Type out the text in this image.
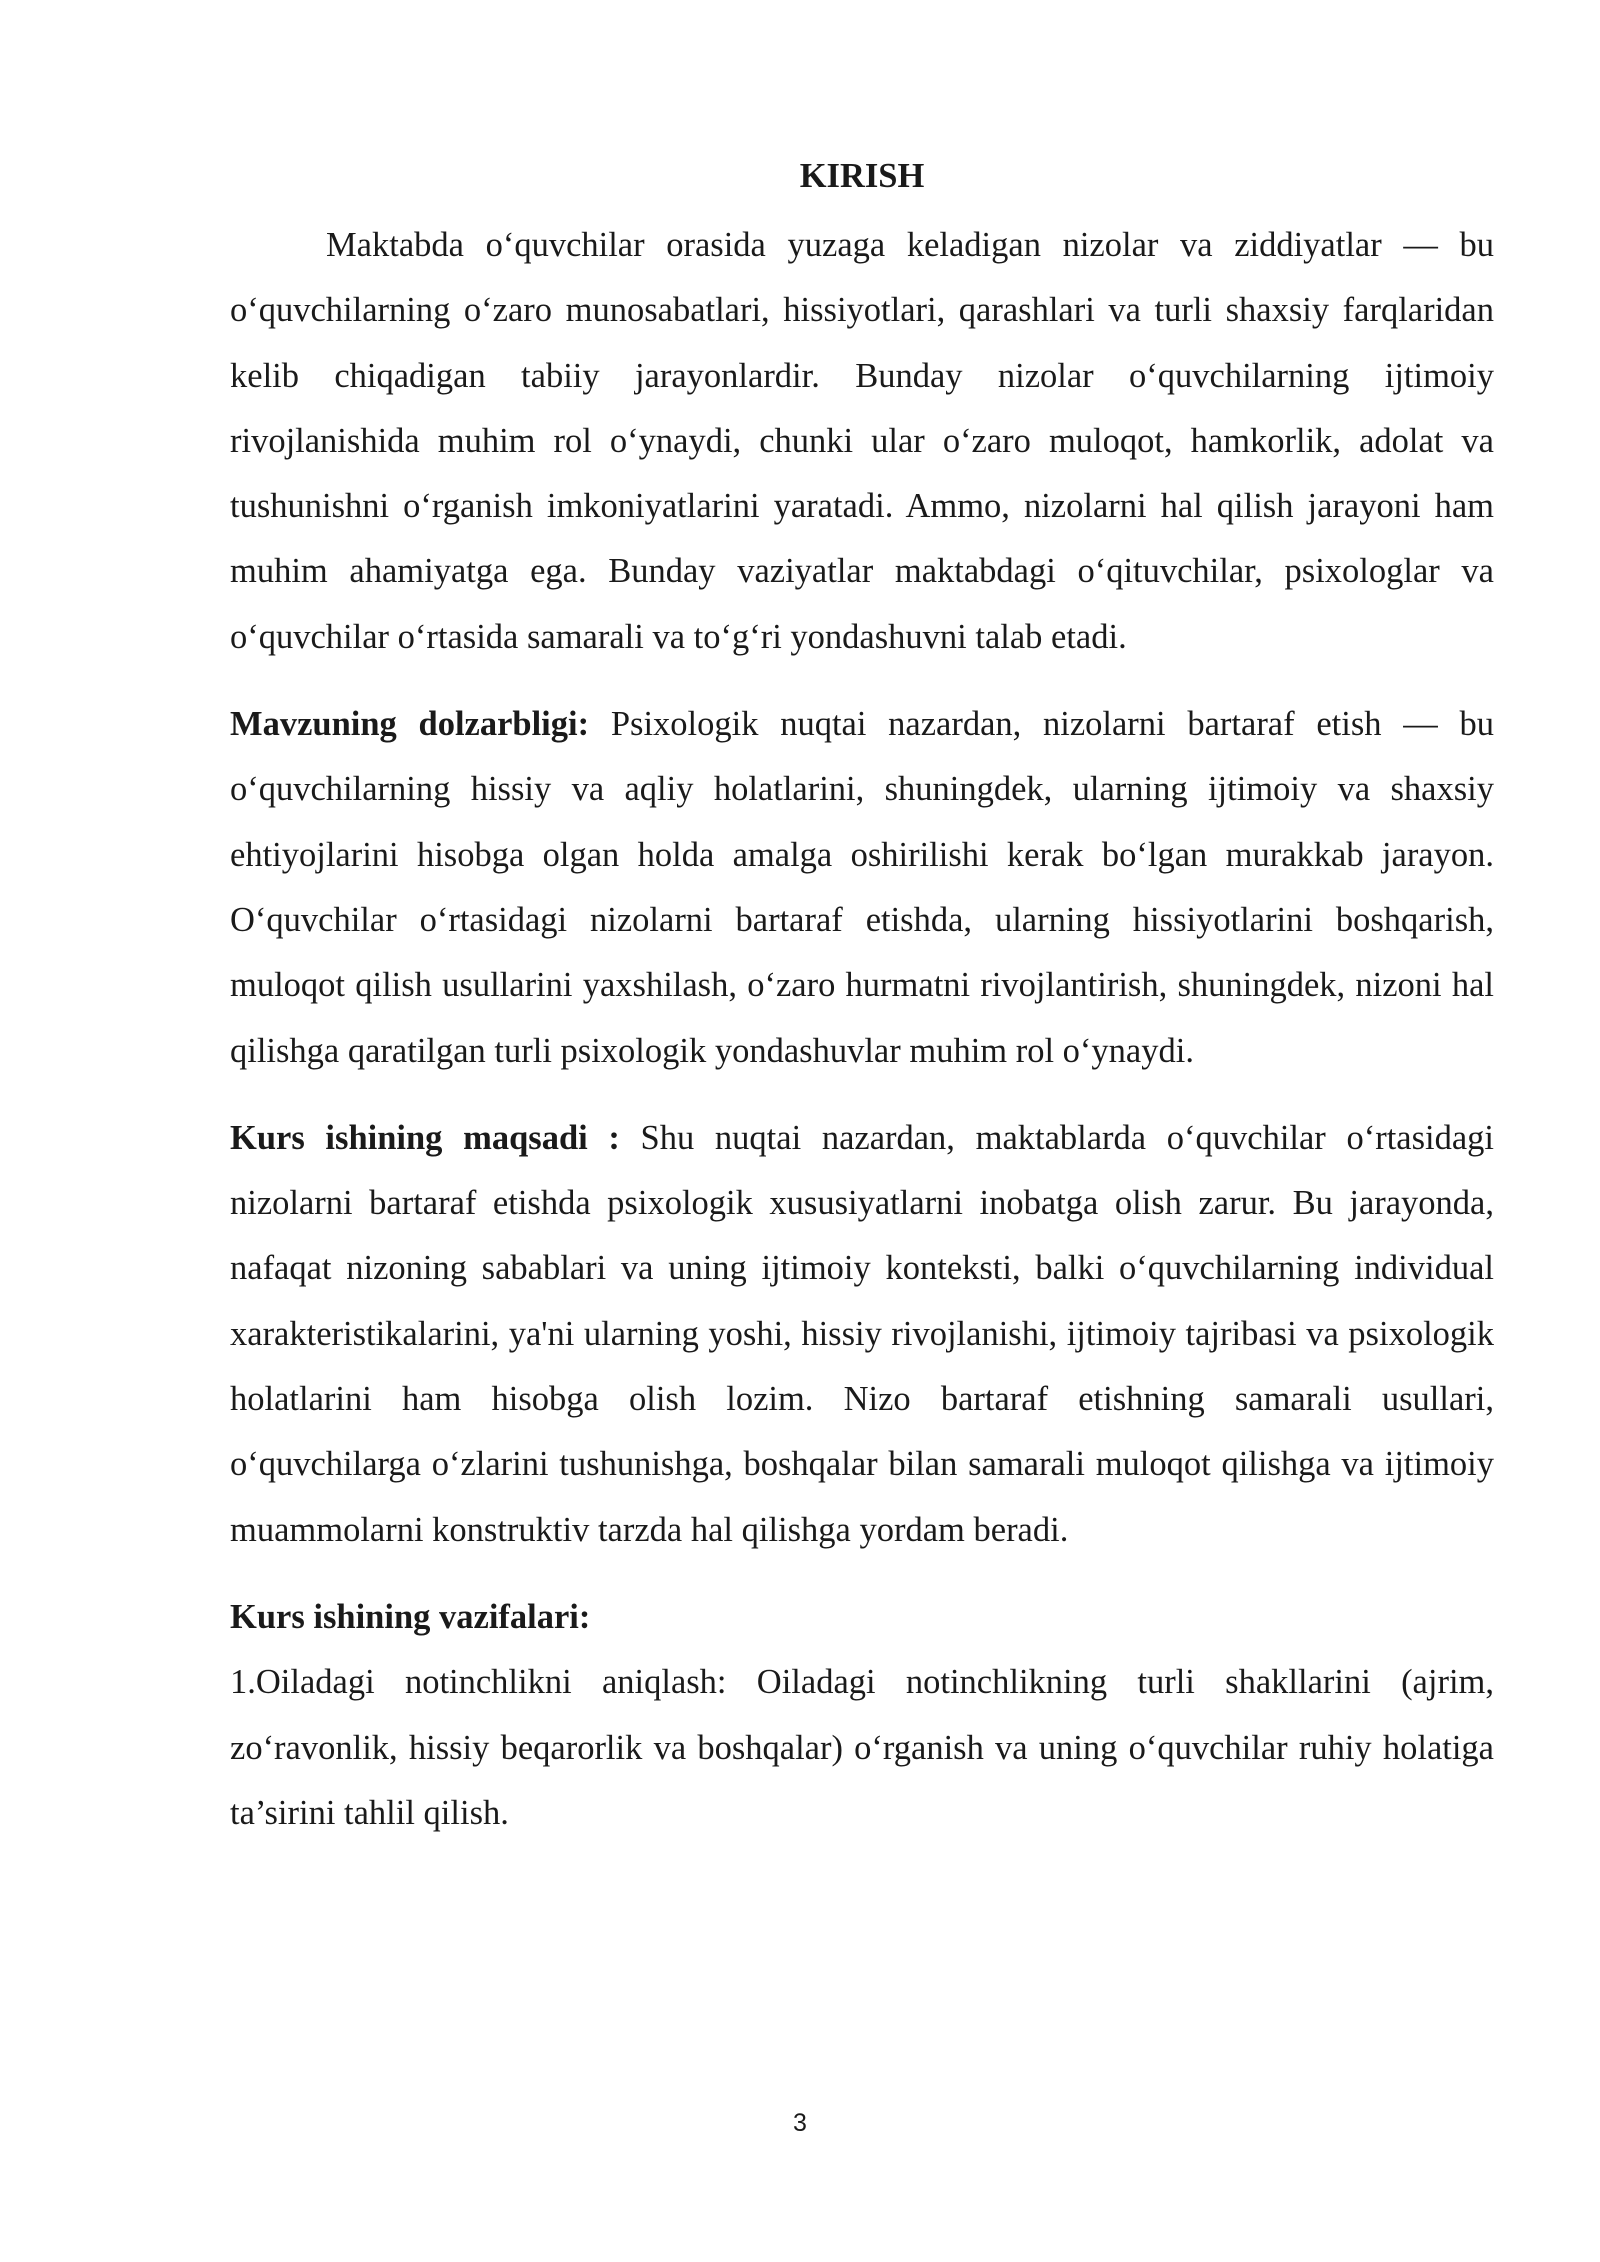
KIRISH

Maktabda o‘quvchilar orasida yuzaga keladigan nizolar va ziddiyatlar — bu o‘quvchilarning o‘zaro munosabatlari, hissiyotlari, qarashlari va turli shaxsiy farqlaridan kelib chiqadigan tabiiy jarayonlardir. Bunday nizolar o‘quvchilarning ijtimoiy rivojlanishida muhim rol o‘ynaydi, chunki ular o‘zaro muloqot, hamkorlik, adolat va tushunishni o‘rganish imkoniyatlarini yaratadi. Ammo, nizolarni hal qilish jarayoni ham muhim ahamiyatga ega. Bunday vaziyatlar maktabdagi o‘qituvchilar, psixologlar va o‘quvchilar o‘rtasida samarali va to‘g‘ri yondashuvni talab etadi.

Mavzuning dolzarbligi: Psixologik nuqtai nazardan, nizolarni bartaraf etish — bu o‘quvchilarning hissiy va aqliy holatlarini, shuningdek, ularning ijtimoiy va shaxsiy ehtiyojlarini hisobga olgan holda amalga oshirilishi kerak bo‘lgan murakkab jarayon. O‘quvchilar o‘rtasidagi nizolarni bartaraf etishda, ularning hissiyotlarini boshqarish, muloqot qilish usullarini yaxshilash, o‘zaro hurmatni rivojlantirish, shuningdek, nizoni hal qilishga qaratilgan turli psixologik yondashuvlar muhim rol o‘ynaydi.

Kurs ishining maqsadi : Shu nuqtai nazardan, maktablarda o‘quvchilar o‘rtasidagi nizolarni bartaraf etishda psixologik xususiyatlarni inobatga olish zarur. Bu jarayonda, nafaqat nizoning sabablari va uning ijtimoiy konteksti, balki o‘quvchilarning individual xarakteristikalarini, ya'ni ularning yoshi, hissiy rivojlanishi, ijtimoiy tajribasi va psixologik holatlarini ham hisobga olish lozim. Nizo bartaraf etishning samarali usullari, o‘quvchilarga o‘zlarini tushunishga, boshqalar bilan samarali muloqot qilishga va ijtimoiy muammolarni konstruktiv tarzda hal qilishga yordam beradi.

Kurs ishining vazifalari:

1.Oiladagi notinchlikni aniqlash: Oiladagi notinchlikning turli shakllarini (ajrim, zo‘ravonlik, hissiy beqarorlik va boshqalar) o‘rganish va uning o‘quvchilar ruhiy holatiga ta’sirini tahlil qilish.

3
